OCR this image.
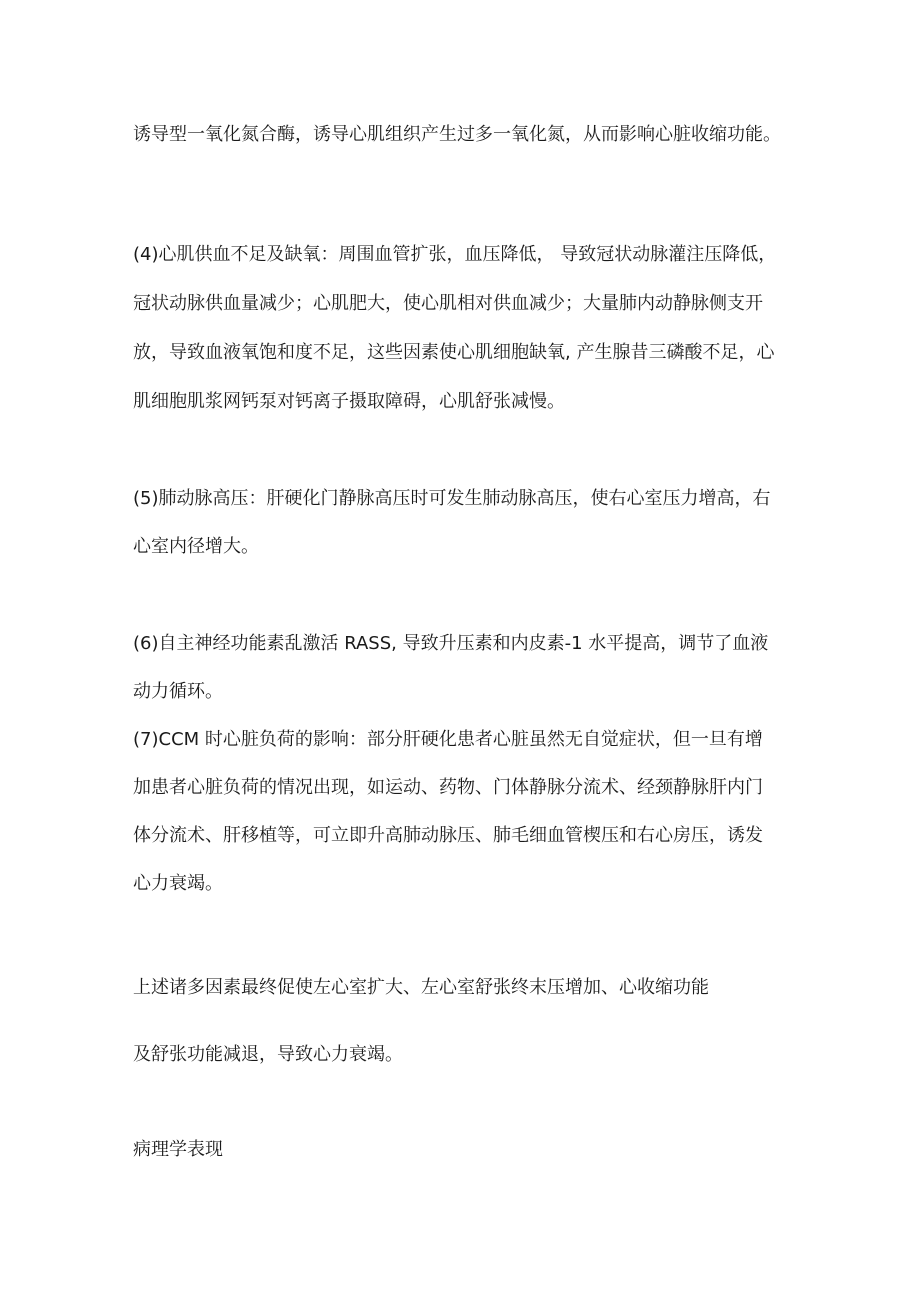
诱导型一氧化氮合酶，诱导心肌组织产生过多一氧化氮，从而影响心脏收缩功能。
(4)心肌供血不足及缺氧：周围血管扩张，血压降低， 导致冠状动脉灌注压降低，
冠状动脉供血量减少；心肌肥大，使心肌相对供血减少；大量肺内动静脉侧支开
放，导致血液氧饱和度不足，这些因素使心肌细胞缺氧, 产生腺昔三磷酸不足，心
肌细胞肌浆网钙泵对钙离子摄取障碍，心肌舒张减慢。
(5)肺动脉高压：肝硬化门静脉高压时可发生肺动脉高压，使右心室压力增高，右
心室内径增大。
(6)自主神经功能素乱激活 RASS, 导致升压素和内皮素-1 水平提高，调节了血液
动力循环。
(7)CCM 时心脏负荷的影响：部分肝硬化患者心脏虽然无自觉症状，但一旦有增
加患者心脏负荷的情况出现，如运动、药物、门体静脉分流术、经颈静脉肝内门
体分流术、肝移植等，可立即升高肺动脉压、肺毛细血管楔压和右心房压，诱发
心力衰竭。
上述诸多因素最终促使左心室扩大、左心室舒张终末压增加、心收缩功能
及舒张功能减退，导致心力衰竭。
病理学表现
